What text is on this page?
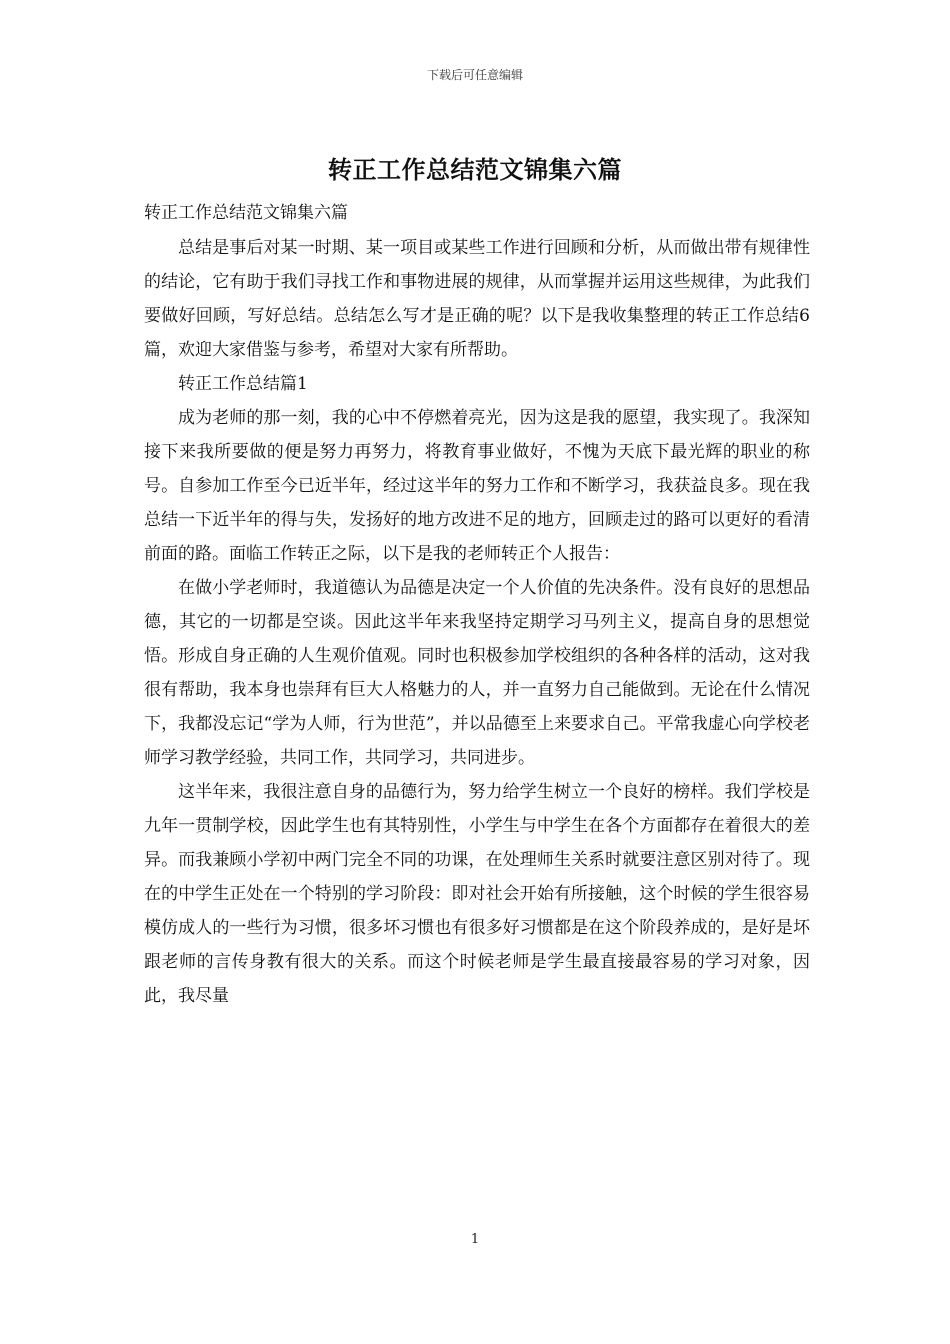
下载后可任意编辑
转正工作总结范文锦集六篇

转正工作总结范文锦集六篇

总结是事后对某一时期、某一项目或某些工作进行回顾和分析，从而做出带有规律性的结论，它有助于我们寻找工作和事物进展的规律，从而掌握并运用这些规律，为此我们要做好回顾，写好总结。总结怎么写才是正确的呢？以下是我收集整理的转正工作总结6篇，欢迎大家借鉴与参考，希望对大家有所帮助。

转正工作总结篇1

成为老师的那一刻，我的心中不停燃着亮光，因为这是我的愿望，我实现了。我深知接下来我所要做的便是努力再努力，将教育事业做好，不愧为天底下最光辉的职业的称号。自参加工作至今已近半年，经过这半年的努力工作和不断学习，我获益良多。现在我总结一下近半年的得与失，发扬好的地方改进不足的地方，回顾走过的路可以更好的看清前面的路。面临工作转正之际，以下是我的老师转正个人报告：

在做小学老师时，我道德认为品德是决定一个人价值的先决条件。没有良好的思想品德，其它的一切都是空谈。因此这半年来我坚持定期学习马列主义，提高自身的思想觉悟。形成自身正确的人生观价值观。同时也积极参加学校组织的各种各样的活动，这对我很有帮助，我本身也崇拜有巨大人格魅力的人，并一直努力自己能做到。无论在什么情况下，我都没忘记“学为人师，行为世范”，并以品德至上来要求自己。平常我虚心向学校老师学习教学经验，共同工作，共同学习，共同进步。

这半年来，我很注意自身的品德行为，努力给学生树立一个良好的榜样。我们学校是九年一贯制学校，因此学生也有其特别性，小学生与中学生在各个方面都存在着很大的差异。而我兼顾小学初中两门完全不同的功课，在处理师生关系时就要注意区别对待了。现在的中学生正处在一个特别的学习阶段：即对社会开始有所接触，这个时候的学生很容易模仿成人的一些行为习惯，很多坏习惯也有很多好习惯都是在这个阶段养成的，是好是坏跟老师的言传身教有很大的关系。而这个时候老师是学生最直接最容易的学习对象，因此，我尽量

1
